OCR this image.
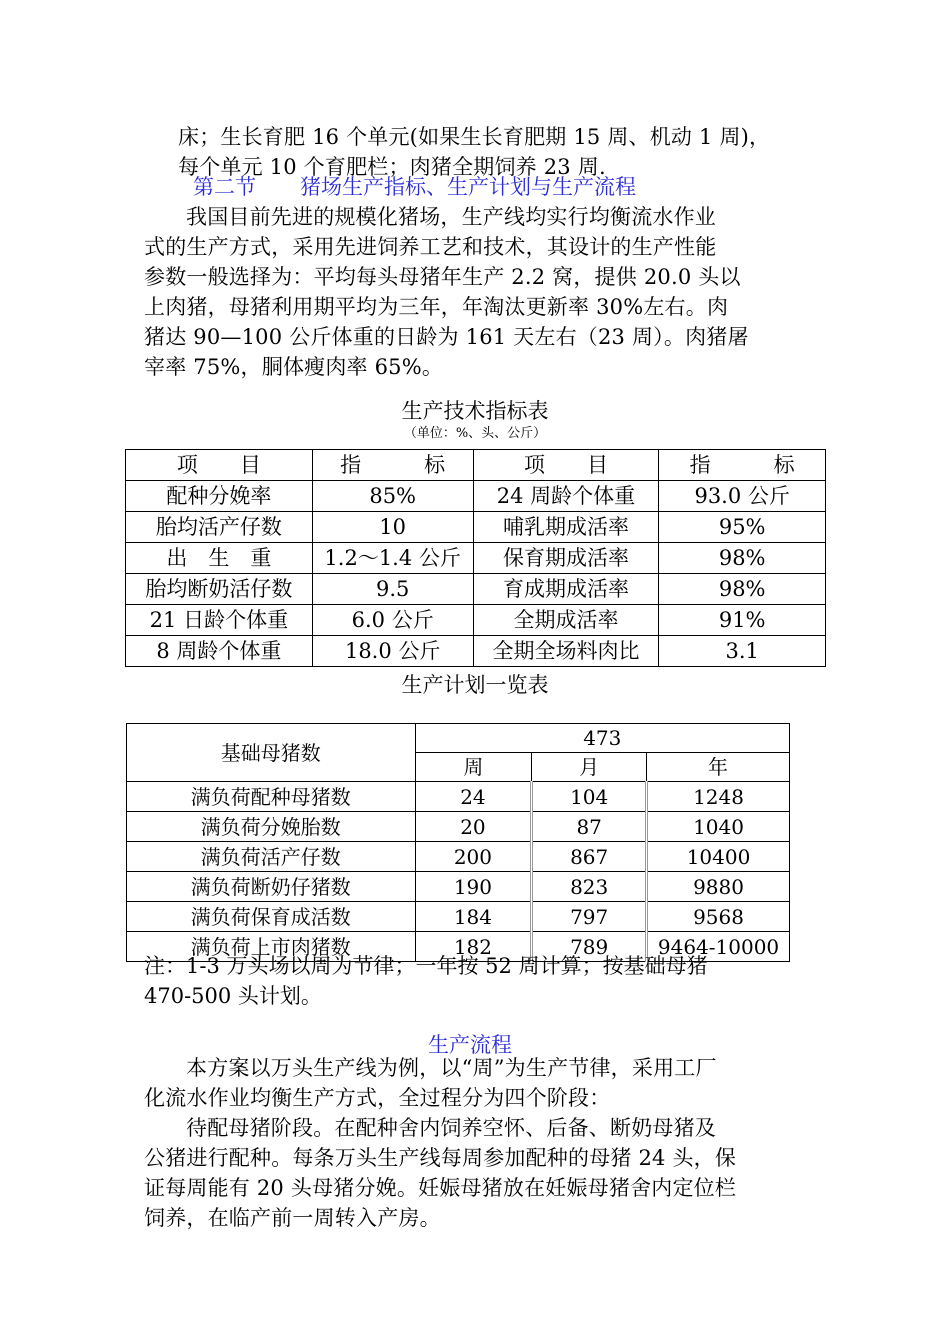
床；生长育肥 16 个单元(如果生长育肥期 15 周、机动 1 周)，
每个单元 10 个育肥栏；肉猪全期饲养 23 周.

第二节 猪场生产指标、生产计划与生产流程

我国目前先进的规模化猪场，生产线均实行均衡流水作业
式的生产方式，采用先进饲养工艺和技术，其设计的生产性能
参数一般选择为：平均每头母猪年生产 2.2 窝，提供 20.0 头以
上肉猪，母猪利用期平均为三年，年淘汰更新率 30%左右。肉
猪达 90—100 公斤体重的日龄为 161 天左右（23 周）。肉猪屠
宰率 75%，胴体瘦肉率 65%。

生产技术指标表

（单位：%、头、公斤）

项　　目	指　　　标	项　　目	指　　　标
配种分娩率	85%	24 周龄个体重	93.0 公斤
胎均活产仔数	10	哺乳期成活率	95%
出　生　重	1.2～1.4 公斤	保育期成活率	98%
胎均断奶活仔数	9.5	育成期成活率	98%
21 日龄个体重	6.0 公斤	全期成活率	91%
8 周龄个体重	18.0 公斤	全期全场料肉比	3.1

生产计划一览表

基础母猪数	473		
	周	月	年
满负荷配种母猪数	24	104	1248
满负荷分娩胎数	20	87	1040
满负荷活产仔数	200	867	10400
满负荷断奶仔猪数	190	823	9880
满负荷保育成活数	184	797	9568
满负荷上市肉猪数	182	789	9464-10000

注：1-3 万头场以周为节律；一年按 52 周计算；按基础母猪
470-500 头计划。

生产流程

本方案以万头生产线为例，以“周”为生产节律，采用工厂
化流水作业均衡生产方式，全过程分为四个阶段：
待配母猪阶段。在配种舍内饲养空怀、后备、断奶母猪及
公猪进行配种。每条万头生产线每周参加配种的母猪 24 头，保
证每周能有 20 头母猪分娩。妊娠母猪放在妊娠母猪舍内定位栏
饲养，在临产前一周转入产房。
